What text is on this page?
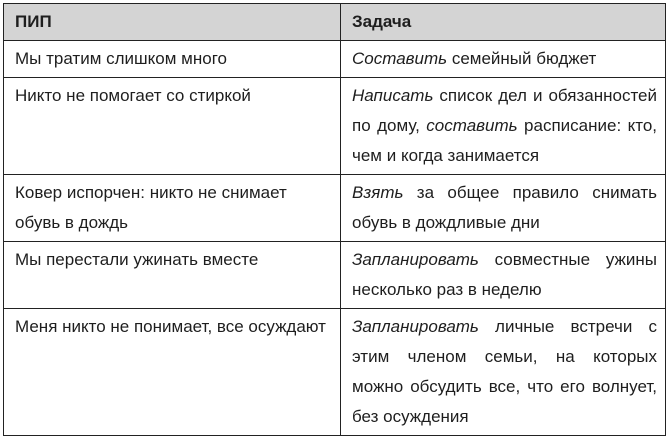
ПИП	Задача
Мы тратим слишком много	Составить семейный бюджет
Никто не помогает со стиркой	Написать список дел и обязанностей по дому, составить расписание: кто, чем и когда занимается
Ковер испорчен: никто не снимает обувь в дождь	Взять за общее правило снимать обувь в дождливые дни
Мы перестали ужинать вместе	Запланировать совместные ужины несколько раз в неделю
Меня никто не понимает, все осуждают	Запланировать личные встречи с этим членом семьи, на которых можно обсудить все, что его волнует, без осуждения
